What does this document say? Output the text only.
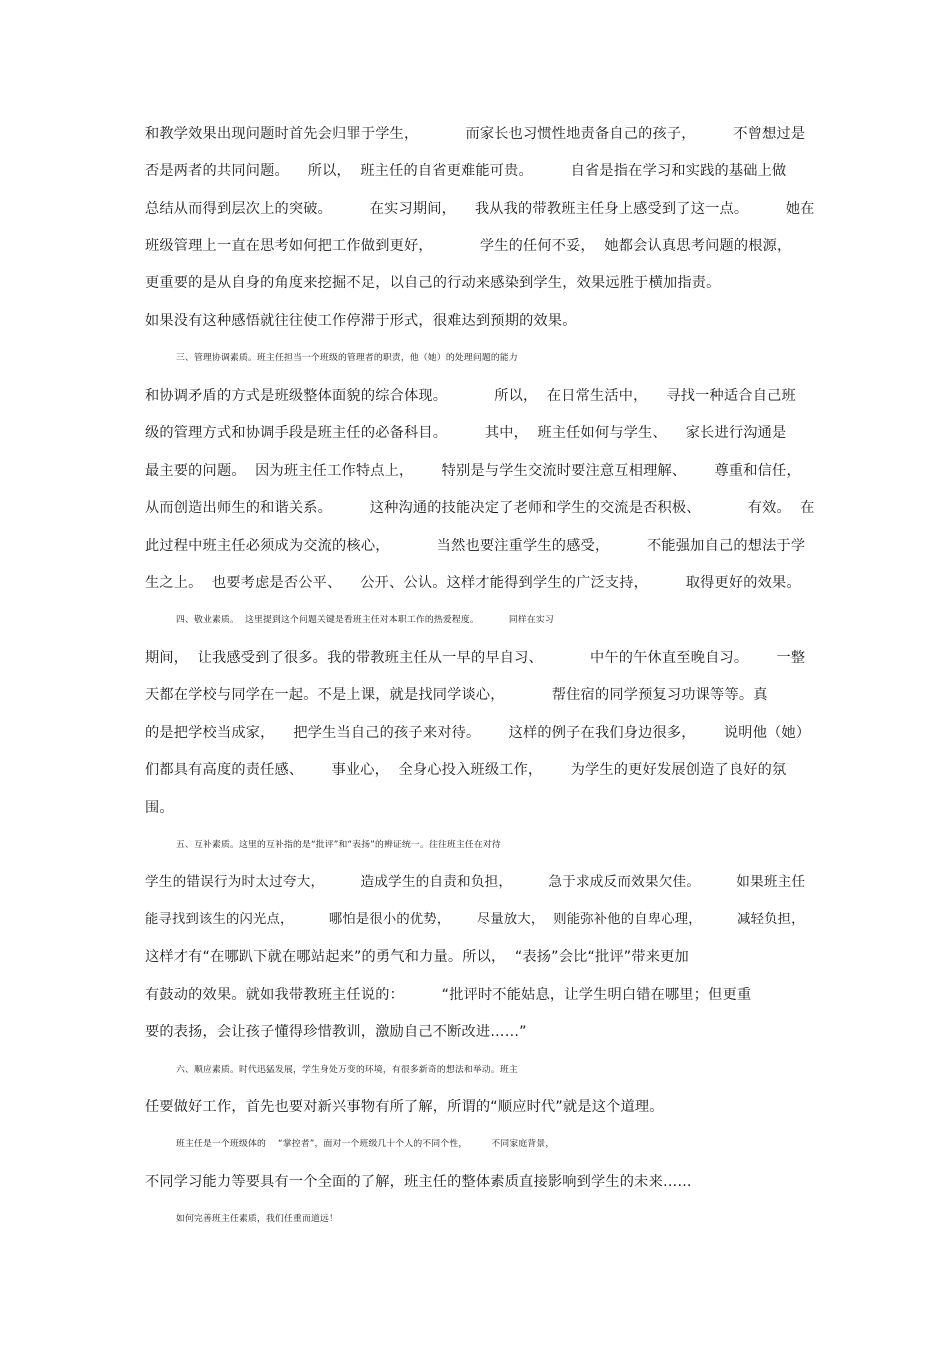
和教学效果出现问题时首先会归罪于学生，          而家长也习惯性地责备自己的孩子，        不曾想过是
否是两者的共同问题。    所以，  班主任的自省更难能可贵。        自省是指在学习和实践的基础上做
总结从而得到层次上的突破。        在实习期间，    我从我的带教班主任身上感受到了这一点。        她在
班级管理上一直在思考如何把工作做到更好，          学生的任何不妥，  她都会认真思考问题的根源，
更重要的是从自身的角度来挖掘不足，以自己的行动来感染到学生，效果远胜于横加指责。
如果没有这种感悟就往往使工作停滞于形式，很难达到预期的效果。
三、管理协调素质。班主任担当一个班级的管理者的职责，他（她）的处理问题的能力
和协调矛盾的方式是班级整体面貌的综合体现。          所以，  在日常生活中，    寻找一种适合自己班
级的管理方式和协调手段是班主任的必备科目。        其中，  班主任如何与学生、    家长进行沟通是
最主要的问题。  因为班主任工作特点上，      特别是与学生交流时要注意互相理解、      尊重和信任，
从而创造出师生的和谐关系。        这种沟通的技能决定了老师和学生的交流是否积极、          有效。  在
此过程中班主任必须成为交流的核心，          当然也要注重学生的感受，        不能强加自己的想法于学
生之上。  也要考虑是否公平、    公开、公认。这样才能得到学生的广泛支持，        取得更好的效果。
四、敬业素质。  这里提到这个问题关键是看班主任对本职工作的热爱程度。          同样在实习
期间，  让我感受到了很多。我的带教班主任从一早的早自习、          中午的午休直至晚自习。      一整
天都在学校与同学在一起。不是上课，就是找同学谈心，          帮住宿的同学预复习功课等等。真
的是把学校当成家，    把学生当自己的孩子来对待。      这样的例子在我们身边很多，      说明他（她）
们都具有高度的责任感、      事业心，  全身心投入班级工作，      为学生的更好发展创造了良好的氛
围。
五、互补素质。这里的互补指的是“批评”和“表扬”的辨证统一。往往班主任在对待
学生的错误行为时太过夸大，        造成学生的自责和负担，        急于求成反而效果欠佳。        如果班主任
能寻找到该生的闪光点，        哪怕是很小的优势，      尽量放大，  则能弥补他的自卑心理，        减轻负担，
这样才有“在哪趴下就在哪站起来”的勇气和力量。所以，  “表扬”会比“批评”带来更加
有鼓动的效果。就如我带教班主任说的：        “批评时不能姑息，让学生明白错在哪里；但更重
要的表扬，会让孩子懂得珍惜教训，激励自己不断改进……”
六、顺应素质。时代迅猛发展，学生身处万变的环境，有很多新奇的想法和举动。班主
任要做好工作，首先也要对新兴事物有所了解，所谓的“顺应时代”就是这个道理。
班主任是一个班级体的    “掌控者”，面对一个班级几十个人的不同个性，        不同家庭背景，
不同学习能力等要具有一个全面的了解，班主任的整体素质直接影响到学生的未来……
如何完善班主任素质，我们任重而道远！
